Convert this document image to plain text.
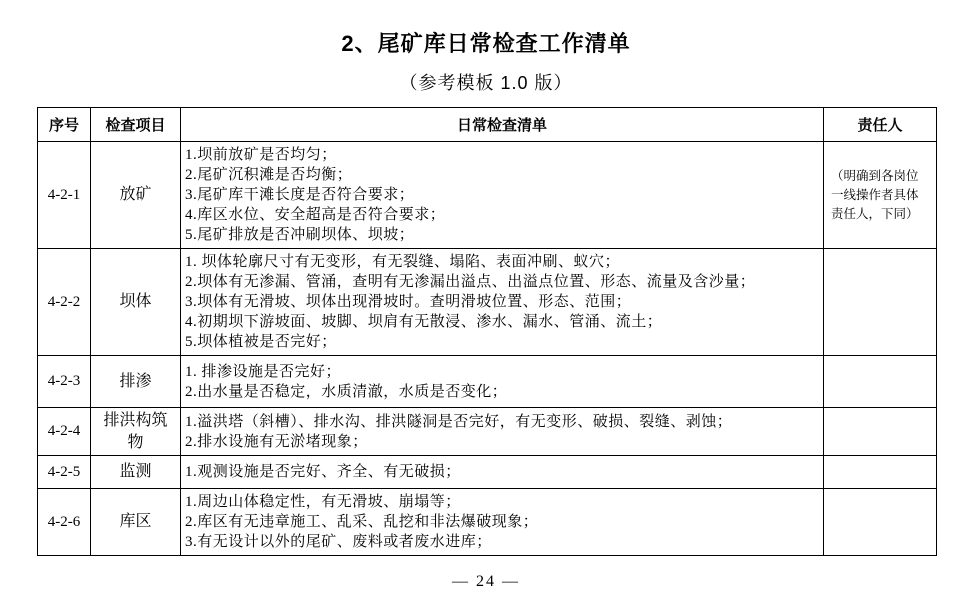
2、尾矿库日常检查工作清单
（参考模板 1.0 版）
序号	检查项目	日常检查清单	责任人
4-2-1	放矿	1.坝前放矿是否均匀；
2.尾矿沉积滩是否均衡；
3.尾矿库干滩长度是否符合要求；
4.库区水位、安全超高是否符合要求；
5.尾矿排放是否冲刷坝体、坝坡；	（明确到各岗位一线操作者具体责任人，下同）
4-2-2	坝体	1. 坝体轮廓尺寸有无变形，有无裂缝、塌陷、表面冲刷、蚁穴；
2.坝体有无渗漏、管涌，查明有无渗漏出溢点、出溢点位置、形态、流量及含沙量；
3.坝体有无滑坡、坝体出现滑坡时。查明滑坡位置、形态、范围；
4.初期坝下游坡面、坡脚、坝肩有无散浸、渗水、漏水、管涌、流土；
5.坝体植被是否完好；	

4-2-3	排渗	1. 排渗设施是否完好；
2.出水量是否稳定，水质清澈，水质是否变化；	

4-2-4	排洪构筑物	1.溢洪塔（斜槽）、排水沟、排洪隧洞是否完好，有无变形、破损、裂缝、剥蚀；
2.排水设施有无淤堵现象；	

4-2-5	监测	1.观测设施是否完好、齐全、有无破损；	

4-2-6	库区	1.周边山体稳定性，有无滑坡、崩塌等；
2.库区有无违章施工、乱采、乱挖和非法爆破现象；
3.有无设计以外的尾矿、废料或者废水进库；	

— 24 —
